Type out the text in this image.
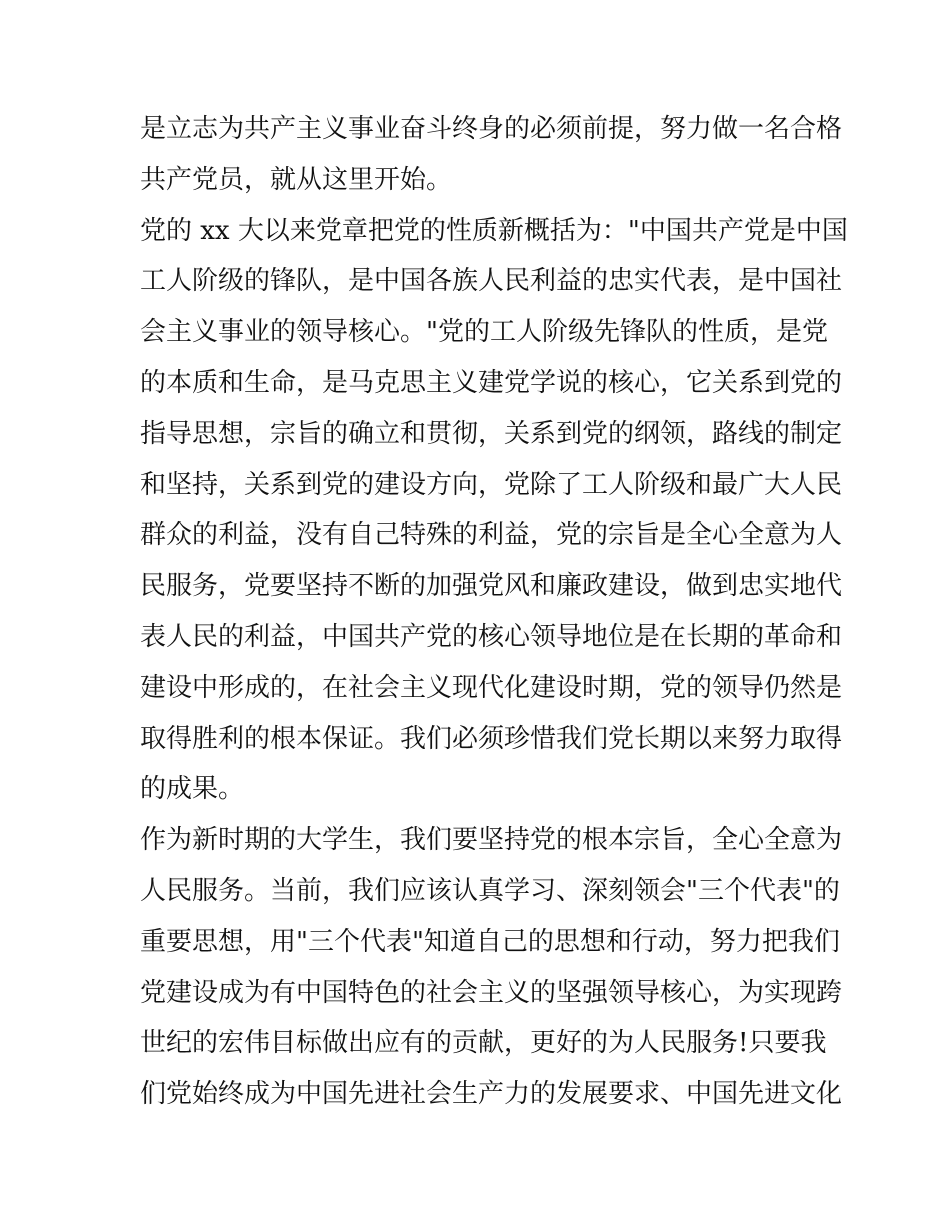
是立志为共产主义事业奋斗终身的必须前提，努力做一名合格
共产党员，就从这里开始。
党的 xx 大以来党章把党的性质新概括为："中国共产党是中国
工人阶级的锋队，是中国各族人民利益的忠实代表，是中国社
会主义事业的领导核心。"党的工人阶级先锋队的性质，是党
的本质和生命，是马克思主义建党学说的核心，它关系到党的
指导思想，宗旨的确立和贯彻，关系到党的纲领，路线的制定
和坚持，关系到党的建设方向，党除了工人阶级和最广大人民
群众的利益，没有自己特殊的利益，党的宗旨是全心全意为人
民服务，党要坚持不断的加强党风和廉政建设，做到忠实地代
表人民的利益，中国共产党的核心领导地位是在长期的革命和
建设中形成的，在社会主义现代化建设时期，党的领导仍然是
取得胜利的根本保证。我们必须珍惜我们党长期以来努力取得
的成果。
作为新时期的大学生，我们要坚持党的根本宗旨，全心全意为
人民服务。当前，我们应该认真学习、深刻领会"三个代表"的
重要思想，用"三个代表"知道自己的思想和行动，努力把我们
党建设成为有中国特色的社会主义的坚强领导核心，为实现跨
世纪的宏伟目标做出应有的贡献，更好的为人民服务!只要我
们党始终成为中国先进社会生产力的发展要求、中国先进文化
